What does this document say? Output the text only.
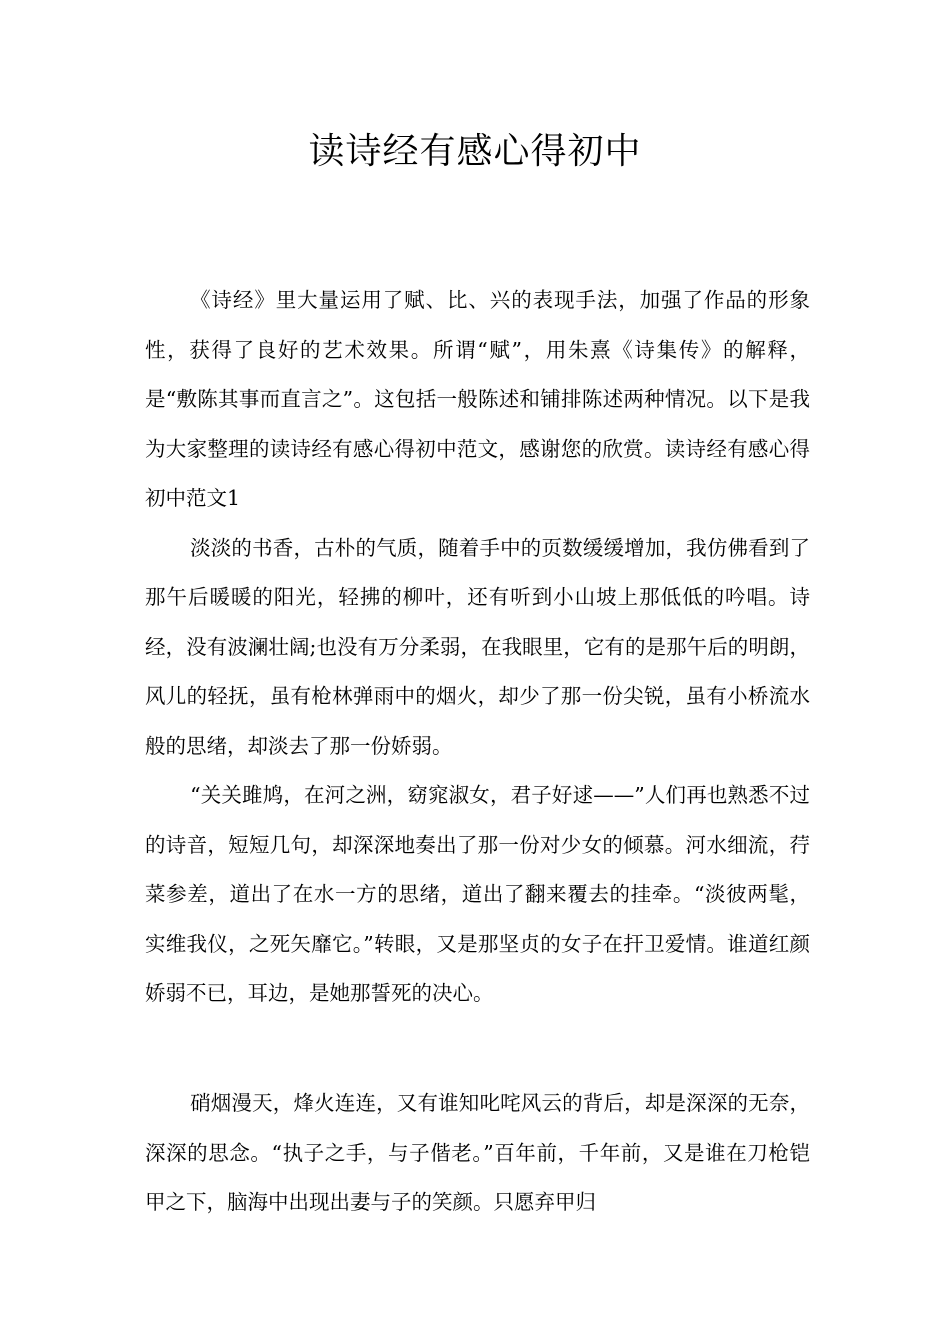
读诗经有感心得初中

《诗经》里大量运用了赋、比、兴的表现手法，加强了作品的形象性，获得了良好的艺术效果。所谓“赋”，用朱熹《诗集传》的解释，是“敷陈其事而直言之”。这包括一般陈述和铺排陈述两种情况。以下是我为大家整理的读诗经有感心得初中范文，感谢您的欣赏。读诗经有感心得初中范文1

淡淡的书香，古朴的气质，随着手中的页数缓缓增加，我仿佛看到了那午后暖暖的阳光，轻拂的柳叶，还有听到小山坡上那低低的吟唱。诗经，没有波澜壮阔;也没有万分柔弱，在我眼里，它有的是那午后的明朗，风儿的轻抚，虽有枪林弹雨中的烟火，却少了那一份尖锐，虽有小桥流水般的思绪，却淡去了那一份娇弱。

“关关雎鸠，在河之洲，窈窕淑女，君子好逑——”人们再也熟悉不过的诗音，短短几句，却深深地奏出了那一份对少女的倾慕。河水细流，荇菜参差，道出了在水一方的思绪，道出了翻来覆去的挂牵。“淡彼两髦，实维我仪，之死矢靡它。”转眼，又是那坚贞的女子在扞卫爱情。谁道红颜娇弱不已，耳边，是她那誓死的决心。

硝烟漫天，烽火连连，又有谁知叱咤风云的背后，却是深深的无奈，深深的思念。“执子之手，与子偕老。”百年前，千年前，又是谁在刀枪铠甲之下，脑海中出现出妻与子的笑颜。只愿弃甲归
